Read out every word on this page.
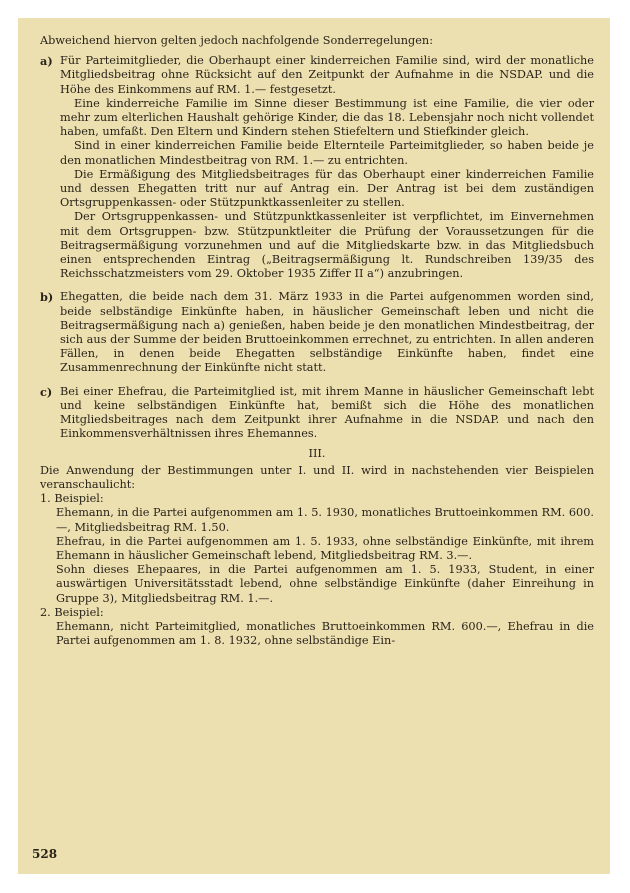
Abweichend hiervon gelten jedoch nachfolgende Sonderregelungen:

a) Für Parteimitglieder, die Oberhaupt einer kinderreichen Familie sind, wird der monatliche Mitgliedsbeitrag ohne Rücksicht auf den Zeitpunkt der Aufnahme in die NSDAP. und die Höhe des Einkommens auf RM. 1.— festgesetzt.

Eine kinderreiche Familie im Sinne dieser Bestimmung ist eine Familie, die vier oder mehr zum elterlichen Haushalt gehörige Kinder, die das 18. Lebensjahr noch nicht vollendet haben, umfaßt. Den Eltern und Kindern stehen Stiefeltern und Stiefkinder gleich.

Sind in einer kinderreichen Familie beide Elternteile Parteimitglieder, so haben beide je den monatlichen Mindestbeitrag von RM. 1.— zu entrichten.

Die Ermäßigung des Mitgliedsbeitrages für das Oberhaupt einer kinderreichen Familie und dessen Ehegatten tritt nur auf Antrag ein. Der Antrag ist bei dem zuständigen Ortsgruppenkassen- oder Stützpunktkassenleiter zu stellen.

Der Ortsgruppenkassen- und Stützpunktkassenleiter ist verpflichtet, im Einvernehmen mit dem Ortsgruppen- bzw. Stützpunktleiter die Prüfung der Voraussetzungen für die Beitragsermäßigung vorzunehmen und auf die Mitgliedskarte bzw. in das Mitgliedsbuch einen entsprechenden Eintrag („Beitragsermäßigung lt. Rundschreiben 139/35 des Reichsschatzmeisters vom 29. Oktober 1935 Ziffer II a“) anzubringen.

b) Ehegatten, die beide nach dem 31. März 1933 in die Partei aufgenommen worden sind, beide selbständige Einkünfte haben, in häuslicher Gemeinschaft leben und nicht die Beitragsermäßigung nach a) genießen, haben beide je den monatlichen Mindestbeitrag, der sich aus der Summe der beiden Bruttoeinkommen errechnet, zu entrichten. In allen anderen Fällen, in denen beide Ehegatten selbständige Einkünfte haben, findet eine Zusammenrechnung der Einkünfte nicht statt.

c) Bei einer Ehefrau, die Parteimitglied ist, mit ihrem Manne in häuslicher Gemeinschaft lebt und keine selbständigen Einkünfte hat, bemißt sich die Höhe des monatlichen Mitgliedsbeitrages nach dem Zeitpunkt ihrer Aufnahme in die NSDAP. und nach den Einkommensverhältnissen ihres Ehemannes.

III.

Die Anwendung der Bestimmungen unter I. und II. wird in nachstehenden vier Beispielen veranschaulicht:

1. Beispiel:

Ehemann, in die Partei aufgenommen am 1. 5. 1930, monatliches Bruttoeinkommen RM. 600.—, Mitgliedsbeitrag RM. 1.50.

Ehefrau, in die Partei aufgenommen am 1. 5. 1933, ohne selbständige Einkünfte, mit ihrem Ehemann in häuslicher Gemeinschaft lebend, Mitgliedsbeitrag RM. 3.—.

Sohn dieses Ehepaares, in die Partei aufgenommen am 1. 5. 1933, Student, in einer auswärtigen Universitätsstadt lebend, ohne selbständige Einkünfte (daher Einreihung in Gruppe 3), Mitgliedsbeitrag RM. 1.—.

2. Beispiel:

Ehemann, nicht Parteimitglied, monatliches Bruttoeinkommen RM. 600.—, Ehefrau in die Partei aufgenommen am 1. 8. 1932, ohne selbständige Ein-

528
